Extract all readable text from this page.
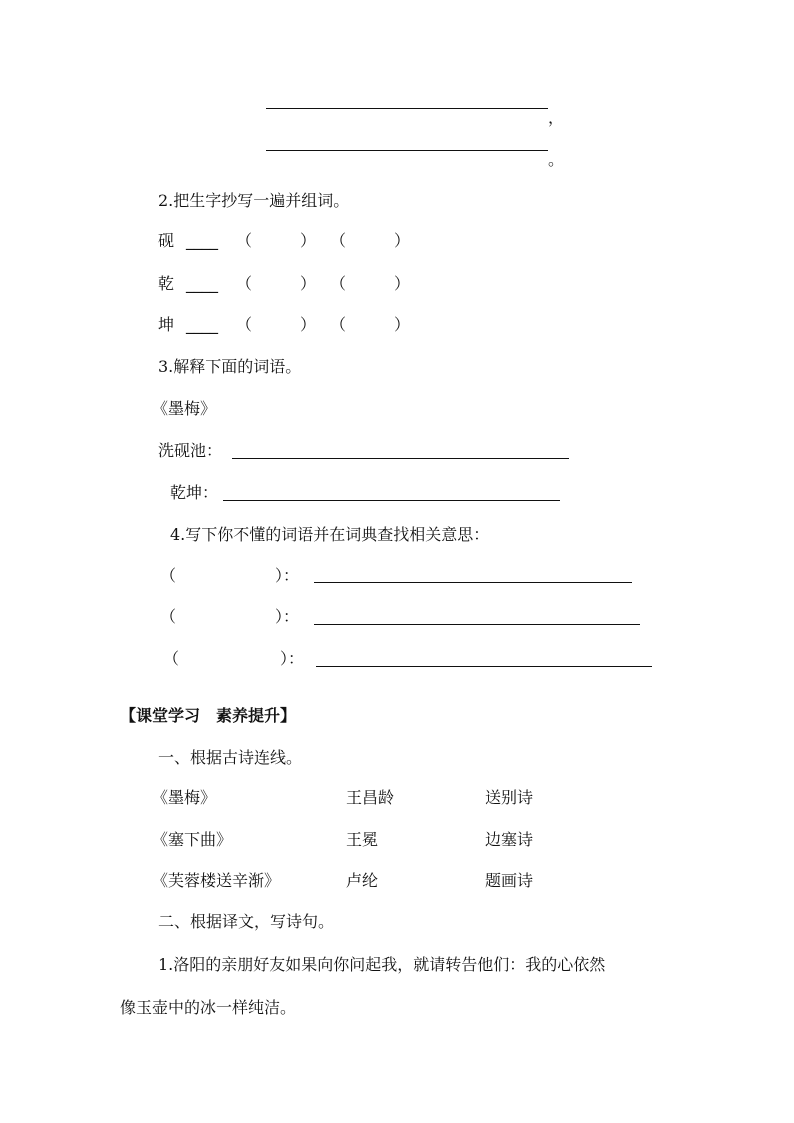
，
。
2.把生字抄写一遍并组词。
砚 ____ （　　　） （　　　）
乾 ____ （　　　） （　　　）
坤 ____ （　　　） （　　　）
3.解释下面的词语。
《墨梅》
洗砚池：
乾坤：
4.写下你不懂的词语并在词典查找相关意思：
（	）：
（	）：
（	）：
【课堂学习　素养提升】
一、根据古诗连线。
《墨梅》	王昌龄	送别诗
《塞下曲》	王冕	边塞诗
《芙蓉楼送辛渐》	卢纶	题画诗
二、根据译文，写诗句。
1.洛阳的亲朋好友如果向你问起我，就请转告他们：我的心依然
像玉壶中的冰一样纯洁。
